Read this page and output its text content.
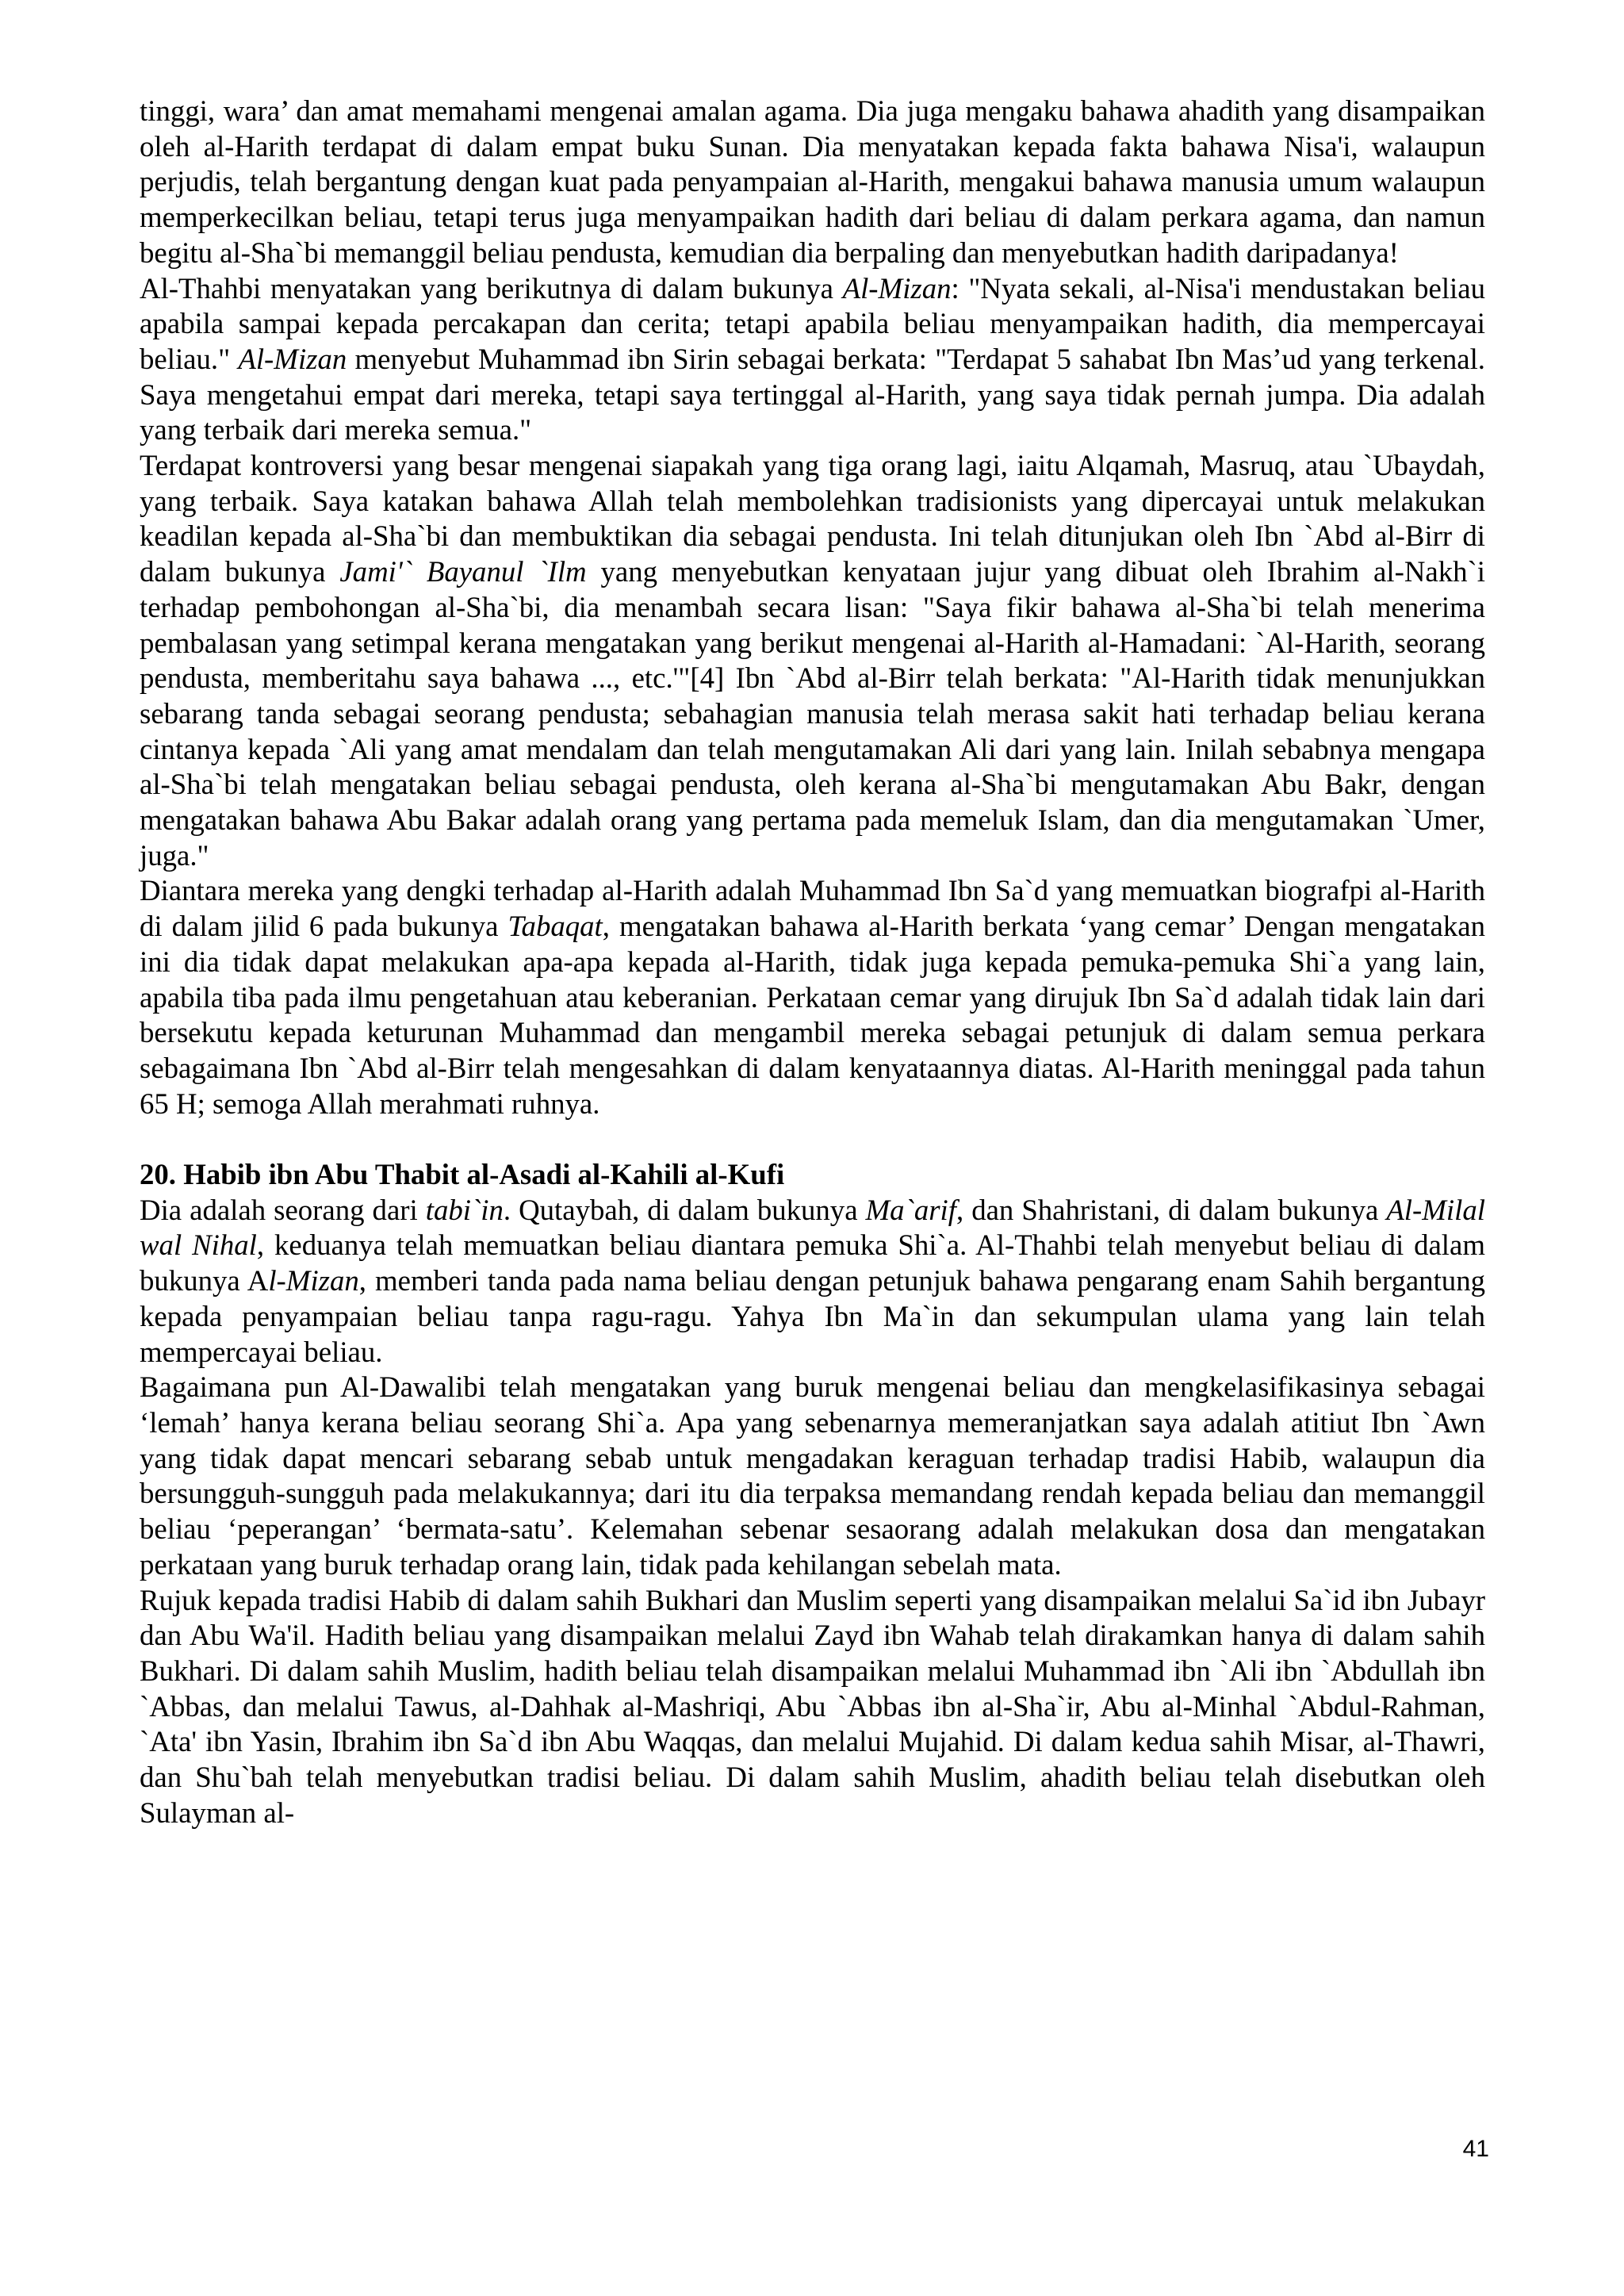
tinggi, wara’ dan amat memahami mengenai amalan agama. Dia juga mengaku bahawa ahadith yang disampaikan oleh al-Harith terdapat di dalam empat buku Sunan. Dia menyatakan kepada fakta bahawa Nisa'i, walaupun perjudis, telah bergantung dengan kuat pada penyampaian al-Harith, mengakui bahawa manusia umum walaupun memperkecilkan beliau, tetapi terus juga menyampaikan hadith dari beliau di dalam perkara agama, dan namun begitu al-Sha`bi memanggil beliau pendusta, kemudian dia berpaling dan menyebutkan hadith daripadanya!

Al-Thahbi menyatakan yang berikutnya di dalam bukunya Al-Mizan: "Nyata sekali, al-Nisa'i mendustakan beliau apabila sampai kepada percakapan dan cerita; tetapi apabila beliau menyampaikan hadith, dia mempercayai beliau." Al-Mizan menyebut Muhammad ibn Sirin sebagai berkata: "Terdapat 5 sahabat Ibn Mas’ud yang terkenal. Saya mengetahui empat dari mereka, tetapi saya tertinggal al-Harith, yang saya tidak pernah jumpa. Dia adalah yang terbaik dari mereka semua."

Terdapat kontroversi yang besar mengenai siapakah yang tiga orang lagi, iaitu Alqamah, Masruq, atau `Ubaydah, yang terbaik. Saya katakan bahawa Allah telah membolehkan tradisionists yang dipercayai untuk melakukan keadilan kepada al-Sha`bi dan membuktikan dia sebagai pendusta. Ini telah ditunjukan oleh Ibn `Abd al-Birr di dalam bukunya Jami'` Bayanul `Ilm yang menyebutkan kenyataan jujur yang dibuat oleh Ibrahim al-Nakh`i terhadap pembohongan al-Sha`bi, dia menambah secara lisan: "Saya fikir bahawa al-Sha`bi telah menerima pembalasan yang setimpal kerana mengatakan yang berikut mengenai al-Harith al-Hamadani: `Al-Harith, seorang pendusta, memberitahu saya bahawa ..., etc.'"[4] Ibn `Abd al-Birr telah berkata: "Al-Harith tidak menunjukkan sebarang tanda sebagai seorang pendusta; sebahagian manusia telah merasa sakit hati terhadap beliau kerana cintanya kepada `Ali yang amat mendalam dan telah mengutamakan Ali dari yang lain. Inilah sebabnya mengapa al-Sha`bi telah mengatakan beliau sebagai pendusta, oleh kerana al-Sha`bi mengutamakan Abu Bakr, dengan mengatakan bahawa Abu Bakar adalah orang yang pertama pada memeluk Islam, dan dia mengutamakan `Umer, juga."

Diantara mereka yang dengki terhadap al-Harith adalah Muhammad Ibn Sa`d yang memuatkan biografpi al-Harith di dalam jilid 6 pada bukunya Tabaqat, mengatakan bahawa al-Harith berkata ‘yang cemar’ Dengan mengatakan ini dia tidak dapat melakukan apa-apa kepada al-Harith, tidak juga kepada pemuka-pemuka Shi`a yang lain, apabila tiba pada ilmu pengetahuan atau keberanian. Perkataan cemar yang dirujuk Ibn Sa`d adalah tidak lain dari bersekutu kepada keturunan Muhammad dan mengambil mereka sebagai petunjuk di dalam semua perkara sebagaimana Ibn `Abd al-Birr telah mengesahkan di dalam kenyataannya diatas. Al-Harith meninggal pada tahun 65 H; semoga Allah merahmati ruhnya.

20. Habib ibn Abu Thabit al-Asadi al-Kahili al-Kufi

Dia adalah seorang dari tabi`in. Qutaybah, di dalam bukunya Ma`arif, dan Shahristani, di dalam bukunya Al-Milal wal Nihal, keduanya telah memuatkan beliau diantara pemuka Shi`a. Al-Thahbi telah menyebut beliau di dalam bukunya Al-Mizan, memberi tanda pada nama beliau dengan petunjuk bahawa pengarang enam Sahih bergantung kepada penyampaian beliau tanpa ragu-ragu. Yahya Ibn Ma`in dan sekumpulan ulama yang lain telah mempercayai beliau.

Bagaimana pun Al-Dawalibi telah mengatakan yang buruk mengenai beliau dan mengkelasifikasinya sebagai ‘lemah’ hanya kerana beliau seorang Shi`a. Apa yang sebenarnya memeranjatkan saya adalah atitiut Ibn `Awn yang tidak dapat mencari sebarang sebab untuk mengadakan keraguan terhadap tradisi Habib, walaupun dia bersungguh-sungguh pada melakukannya; dari itu dia terpaksa memandang rendah kepada beliau dan memanggil beliau ‘peperangan’ ‘bermata-satu’. Kelemahan sebenar sesaorang adalah melakukan dosa dan mengatakan perkataan yang buruk terhadap orang lain, tidak pada kehilangan sebelah mata.

Rujuk kepada tradisi Habib di dalam sahih Bukhari dan Muslim seperti yang disampaikan melalui Sa`id ibn Jubayr dan Abu Wa'il. Hadith beliau yang disampaikan melalui Zayd ibn Wahab telah dirakamkan hanya di dalam sahih Bukhari. Di dalam sahih Muslim, hadith beliau telah disampaikan melalui Muhammad ibn `Ali ibn `Abdullah ibn `Abbas, dan melalui Tawus, al-Dahhak al-Mashriqi, Abu `Abbas ibn al-Sha`ir, Abu al-Minhal `Abdul-Rahman, `Ata' ibn Yasin, Ibrahim ibn Sa`d ibn Abu Waqqas, dan melalui Mujahid. Di dalam kedua sahih Misar, al-Thawri, dan Shu`bah telah menyebutkan tradisi beliau. Di dalam sahih Muslim, ahadith beliau telah disebutkan oleh Sulayman al-

41
